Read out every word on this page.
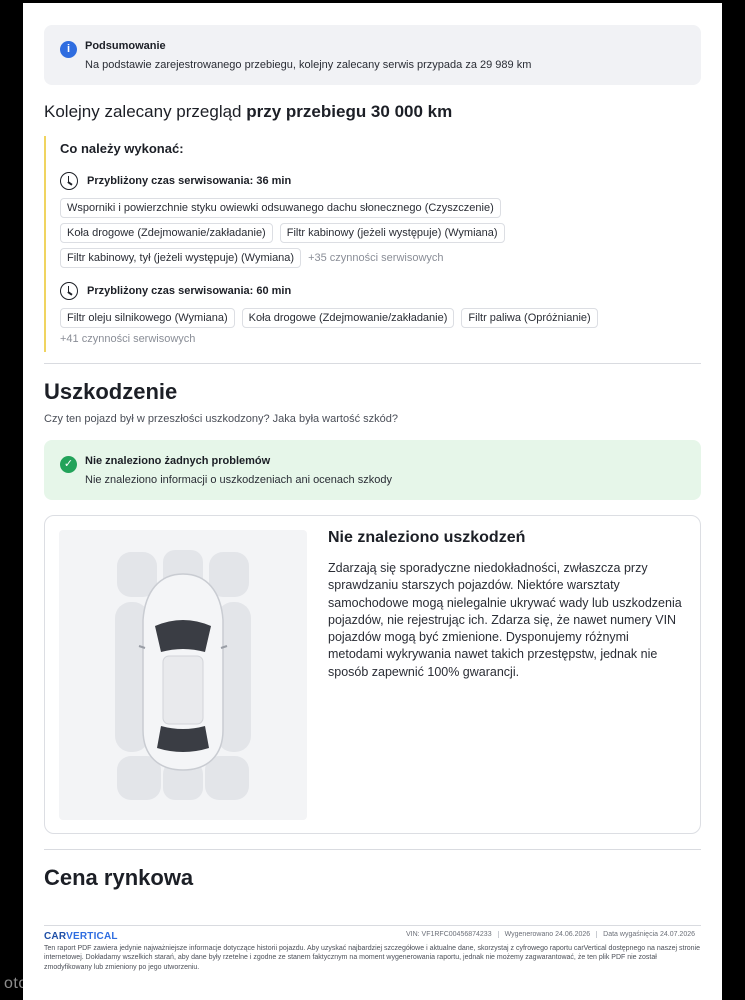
i	Podsumowanie
Na podstawie zarejestrowanego przebiegu, kolejny zalecany serwis przypada za 29 989 km
Kolejny zalecany przegląd przy przebiegu 30 000 km
Co należy wykonać:
Przybliżony czas serwisowania: 36 min
Wsporniki i powierzchnie styku owiewki odsuwanego dachu słonecznego (Czyszczenie)
Koła drogowe (Zdejmowanie/zakładanie)	Filtr kabinowy (jeżeli występuje) (Wymiana)
Filtr kabinowy, tył (jeżeli występuje) (Wymiana)	+35 czynności serwisowych
Przybliżony czas serwisowania: 60 min
Filtr oleju silnikowego (Wymiana)	Koła drogowe (Zdejmowanie/zakładanie)	Filtr paliwa (Opróżnianie)
+41 czynności serwisowych
Uszkodzenie
Czy ten pojazd był w przeszłości uszkodzony? Jaka była wartość szkód?
✓	Nie znaleziono żadnych problemów
Nie znaleziono informacji o uszkodzeniach ani ocenach szkody
Nie znaleziono uszkodzeń
Zdarzają się sporadyczne niedokładności, zwłaszcza przy sprawdzaniu starszych pojazdów. Niektóre warsztaty samochodowe mogą nielegalnie ukrywać wady lub uszkodzenia pojazdów, nie rejestrując ich. Zdarza się, że nawet numery VIN pojazdów mogą być zmienione. Dysponujemy różnymi metodami wykrywania nawet takich przestępstw, jednak nie sposób zapewnić 100% gwarancji.
Cena rynkowa
CARVERTICAL	VIN: VF1RFC00456874233	Wygenerowano 24.06.2026	Data wygaśnięcia 24.07.2026
Ten raport PDF zawiera jedynie najważniejsze informacje dotyczące historii pojazdu. Aby uzyskać najbardziej szczegółowe i aktualne dane, skorzystaj z cyfrowego raportu carVertical dostępnego na naszej stronie internetowej. Dokładamy wszelkich starań, aby dane były rzetelne i zgodne ze stanem faktycznym na moment wygenerowania raportu, jednak nie możemy zagwarantować, że ten plik PDF nie został zmodyfikowany lub zmieniony po jego utworzeniu.
otoMoto
